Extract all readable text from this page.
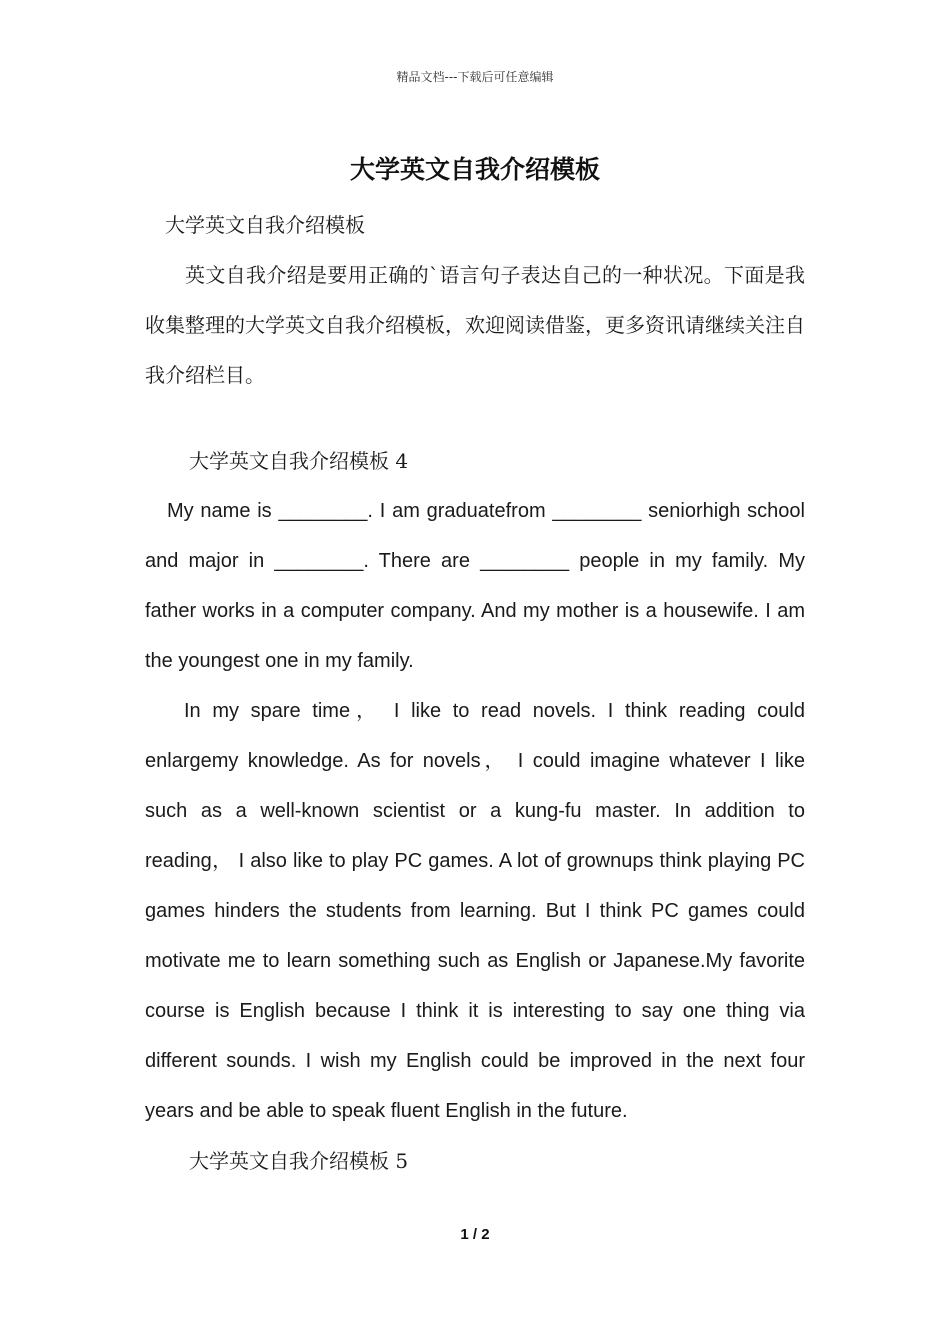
精品文档---下载后可任意编辑
大学英文自我介绍模板

大学英文自我介绍模板

英文自我介绍是要用正确的`语言句子表达自己的一种状况。下面是我收集整理的大学英文自我介绍模板，欢迎阅读借鉴，更多资讯请继续关注自我介绍栏目。

大学英文自我介绍模板 4

My name is ________. I am graduatefrom ________ seniorhigh school and major in ________. There are ________ people in my family. My father works in a computer company. And my mother is a housewife. I am the youngest one in my family.

In my spare time， I like to read novels. I think reading could enlargemy knowledge. As for novels， I could imagine whatever I like such as a well-known scientist or a kung-fu master. In addition to reading， I also like to play PC games. A lot of grownups think playing PC games hinders the students from learning. But I think PC games could motivate me to learn something such as English or Japanese.My favorite course is English because I think it is interesting to say one thing via different sounds. I wish my English could be improved in the next four years and be able to speak fluent English in the future.

大学英文自我介绍模板 5

1 / 2
